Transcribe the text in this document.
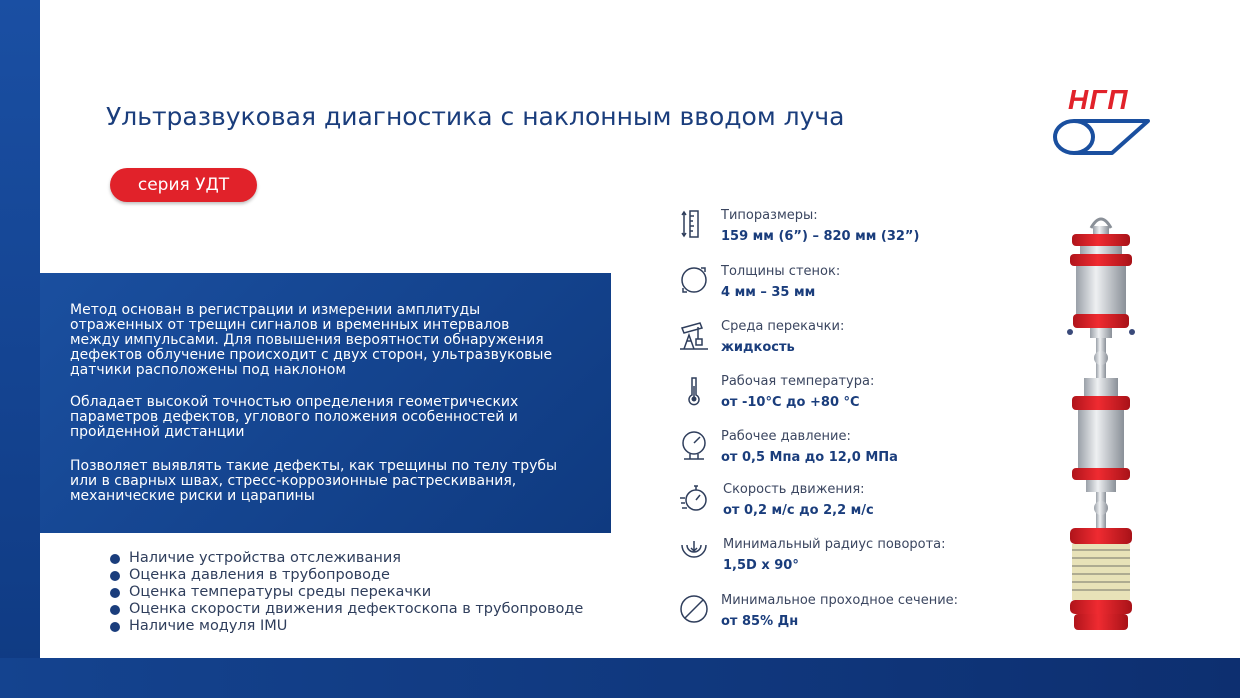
Ультразвуковая диагностика с наклонным вводом луча
НГП
серия УДТ
Метод основан в регистрации и измерении амплитуды отраженных от трещин сигналов и временных интервалов между импульсами. Для повышения вероятности обнаружения дефектов облучение происходит с двух сторон, ультразвуковые датчики расположены под наклоном
Обладает высокой точностью определения геометрических параметров дефектов, углового положения особенностей и пройденной дистанции
Позволяет выявлять такие дефекты, как трещины по телу трубы или в сварных швах, стресс-коррозионные растрескивания, механические риски и царапины
Наличие устройства отслеживания
Оценка давления в трубопроводе
Оценка температуры среды перекачки
Оценка скорости движения дефектоскопа в трубопроводе
Наличие модуля IMU
Типоразмеры:
159 мм (6”) – 820 мм (32”)
Толщины стенок:
4 мм – 35 мм
Среда перекачки:
жидкость
Рабочая температура:
от -10°С до +80 °С
Рабочее давление:
от 0,5 Мпа до 12,0 МПа
Скорость движения:
от 0,2 м/с до 2,2 м/с
Минимальный радиус поворота:
1,5D х 90°
Минимальное проходное сечение:
от 85% Дн
